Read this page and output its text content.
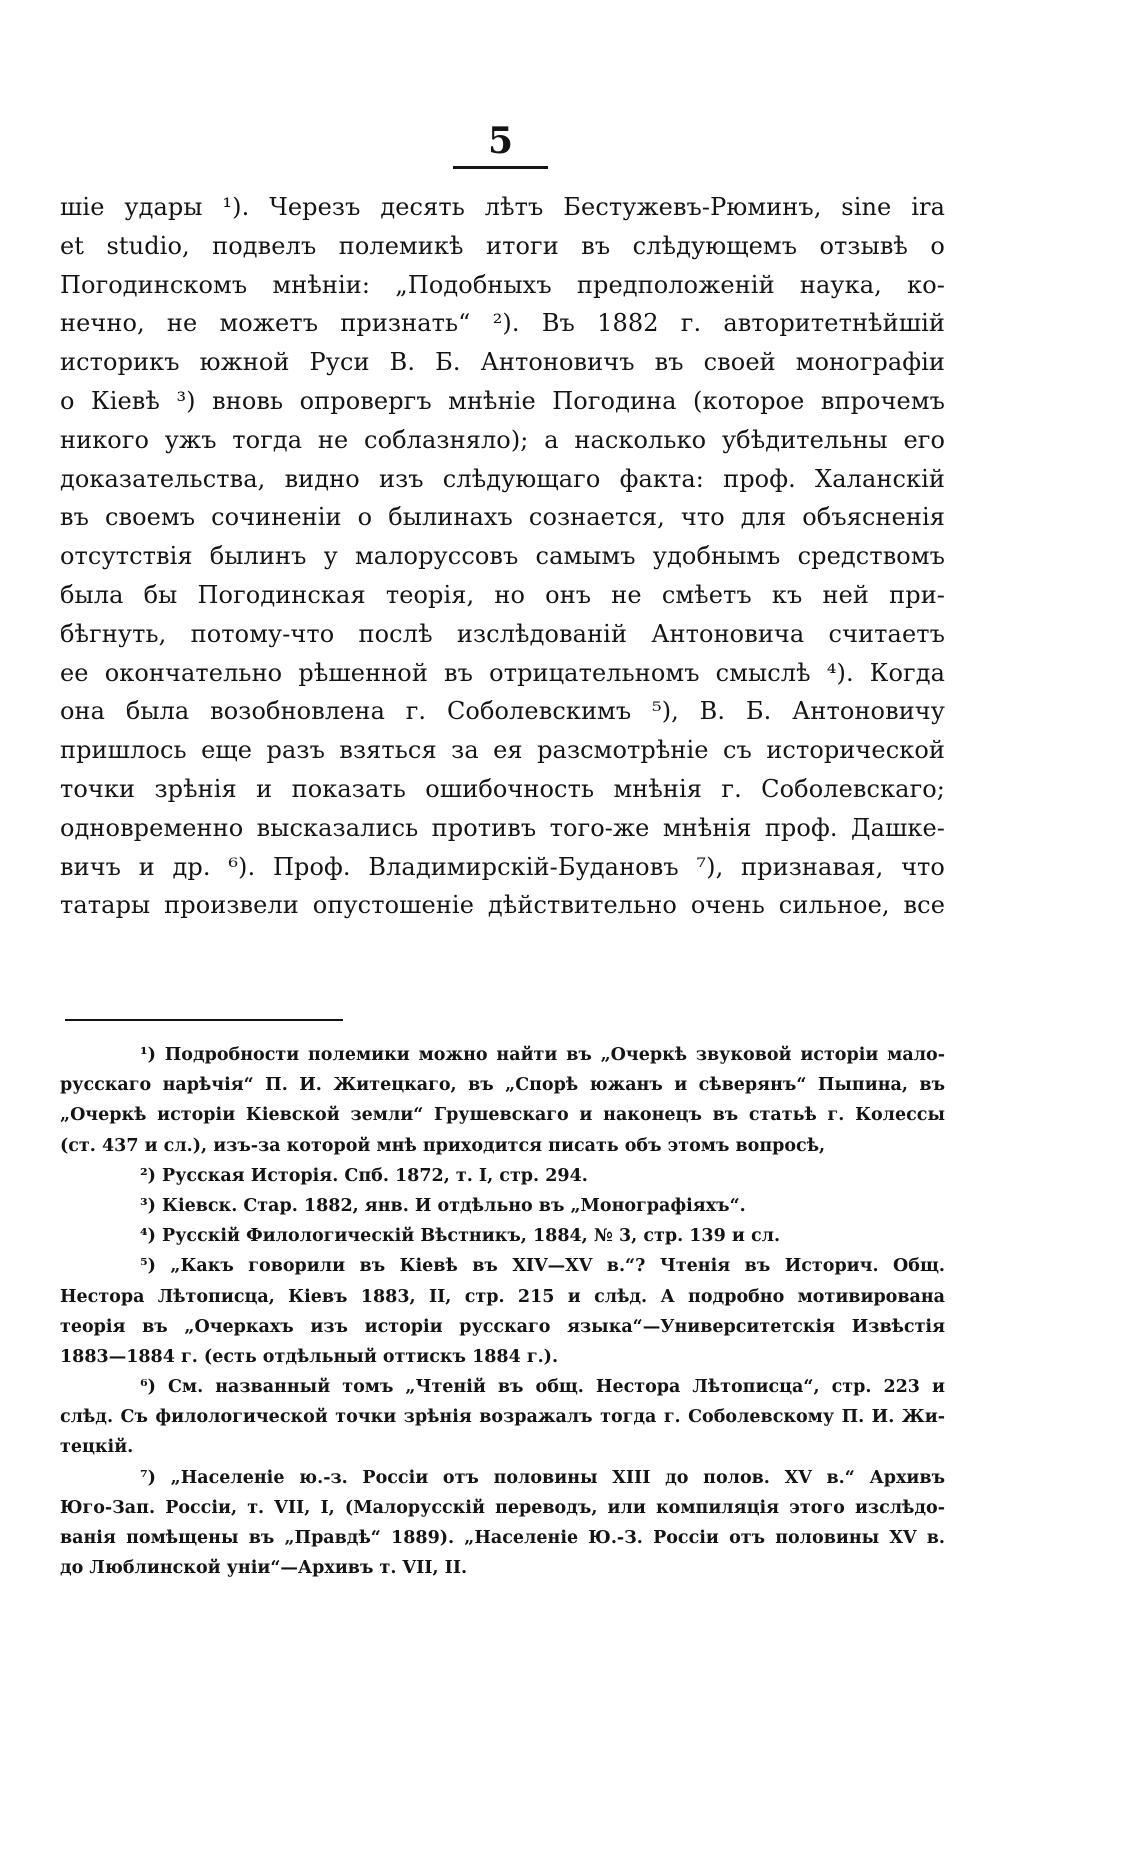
5
шіе удары ¹). Черезъ десять лѣтъ Бестужевъ-Рюминъ, sine ira
et studio, подвелъ полемикѣ итоги въ слѣдующемъ отзывѣ о
Погодинскомъ мнѣніи: „Подобныхъ предположеній наука, ко-
нечно, не можетъ признать“ ²). Въ 1882 г. авторитетнѣйшій
историкъ южной Руси В. Б. Антоновичъ въ своей монографіи
о Кіевѣ ³) вновь опровергъ мнѣніе Погодина (которое впрочемъ
никого ужъ тогда не соблазняло); а насколько убѣдительны его
доказательства, видно изъ слѣдующаго факта: проф. Халанскій
въ своемъ сочиненіи о былинахъ сознается, что для объясненія
отсутствія былинъ у малоруссовъ самымъ удобнымъ средствомъ
была бы Погодинская теорія, но онъ не смѣетъ къ ней при-
бѣгнуть, потому-что послѣ изслѣдованій Антоновича считаетъ
ее окончательно рѣшенной въ отрицательномъ смыслѣ ⁴). Когда
она была возобновлена г. Соболевскимъ ⁵), В. Б. Антоновичу
пришлось еще разъ взяться за ея разсмотрѣніе съ исторической
точки зрѣнія и показать ошибочность мнѣнія г. Соболевскаго;
одновременно высказались противъ того-же мнѣнія проф. Дашке-
вичъ и др. ⁶). Проф. Владимирскій-Будановъ ⁷), признавая, что
татары произвели опустошеніе дѣйствительно очень сильное, все
¹) Подробности полемики можно найти въ „Очеркѣ звуковой исторіи мало-
русскаго нарѣчія“ П. И. Житецкаго, въ „Спорѣ южанъ и сѣверянъ“ Пыпина, въ
„Очеркѣ исторіи Кіевской земли“ Грушевскаго и наконецъ въ статьѣ г. Колессы
(ст. 437 и сл.), изъ-за которой мнѣ приходится писать объ этомъ вопросѣ,
²) Русская Исторія. Спб. 1872, т. I, стр. 294.
³) Кіевск. Стар. 1882, янв. И отдѣльно въ „Монографіяхъ“.
⁴) Русскій Филологическій Вѣстникъ, 1884, № 3, стр. 139 и сл.
⁵) „Какъ говорили въ Кіевѣ въ XIV—XV в.“? Чтенія въ Историч. Общ.
Нестора Лѣтописца, Кіевъ 1883, II, стр. 215 и слѣд. А подробно мотивирована
теорія въ „Очеркахъ изъ исторіи русскаго языка“—Университетскія Извѣстія
1883—1884 г. (есть отдѣльный оттискъ 1884 г.).
⁶) См. названный томъ „Чтеній въ общ. Нестора Лѣтописца“, стр. 223 и
слѣд. Съ филологической точки зрѣнія возражалъ тогда г. Соболевскому П. И. Жи-
тецкій.
⁷) „Населеніе ю.-з. Россіи отъ половины XIII до полов. XV в.“ Архивъ
Юго-Зап. Россіи, т. VII, I, (Малорусскій переводъ, или компиляція этого изслѣдо-
ванія помѣщены въ „Правдѣ“ 1889). „Населеніе Ю.-З. Россіи отъ половины XV в.
до Люблинской уніи“—Архивъ т. VII, II.
